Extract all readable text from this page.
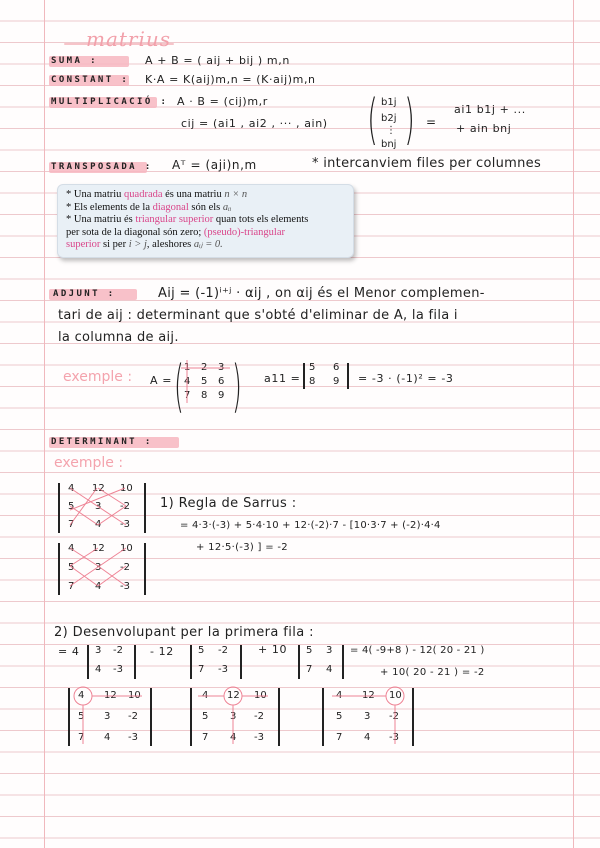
matrius
SUMA :	A + B = ( aij + bij ) m,n
CONSTANT : K·A = K(aij)m,n = (K·aij)m,n
MULTIPLICACIÓ : A · B = (cij)m,r
cij = (ai1 , ai2 , ··· , ain) ( b1j
b2j
⋮
bnj ) =
ai1 b1j + ...
+ ain bnj
TRANSPOSADA : Aᵀ = (aji)n,m	* intercanviem files per columnes

* Una matriu quadrada és una matriu n × n

* Els elements de la diagonal són els aᵢᵢ

* Una matriu és triangular superior quan tots els elements

per sota de la diagonal són zero; (pseudo)-triangular

superior si per i > j, aleshores aᵢⱼ = 0.

ADJUNT :	Aij = (-1)ⁱ⁺ʲ · αij , on αij és el Menor complemen-
tari de aij : determinant que s'obté d'eliminar de A, la fila i
la columna de aij.
exemple : A = ( )
1 2 3
4 5 6
7 8 9
a11 =
5 6
8 9 = -3 · (-1)² = -3
DETERMINANT :
exemple :
4 12 10
5 3 -2
7 4 -3
4 12 10
5 3 -2
7 4 -3
1) Regla de Sarrus :
= 4·3·(-3) + 5·4·10 + 12·(-2)·7 - [10·3·7 + (-2)·4·4
+ 12·5·(-3) ] = -2
2) Desenvolupant per la primera fila :
= 4 3 -2
4 -3
- 12 5 -2
7 -3
+ 10 5 3
7 4
= 4( -9+8 ) - 12( 20 - 21 )
+ 10( 20 - 21 ) = -2
4 12 10
5 3 -2
7 4 -3
4 12 10
5 3 -2
7 4 -3
4 12 10
5 3 -2
7 4 -3
